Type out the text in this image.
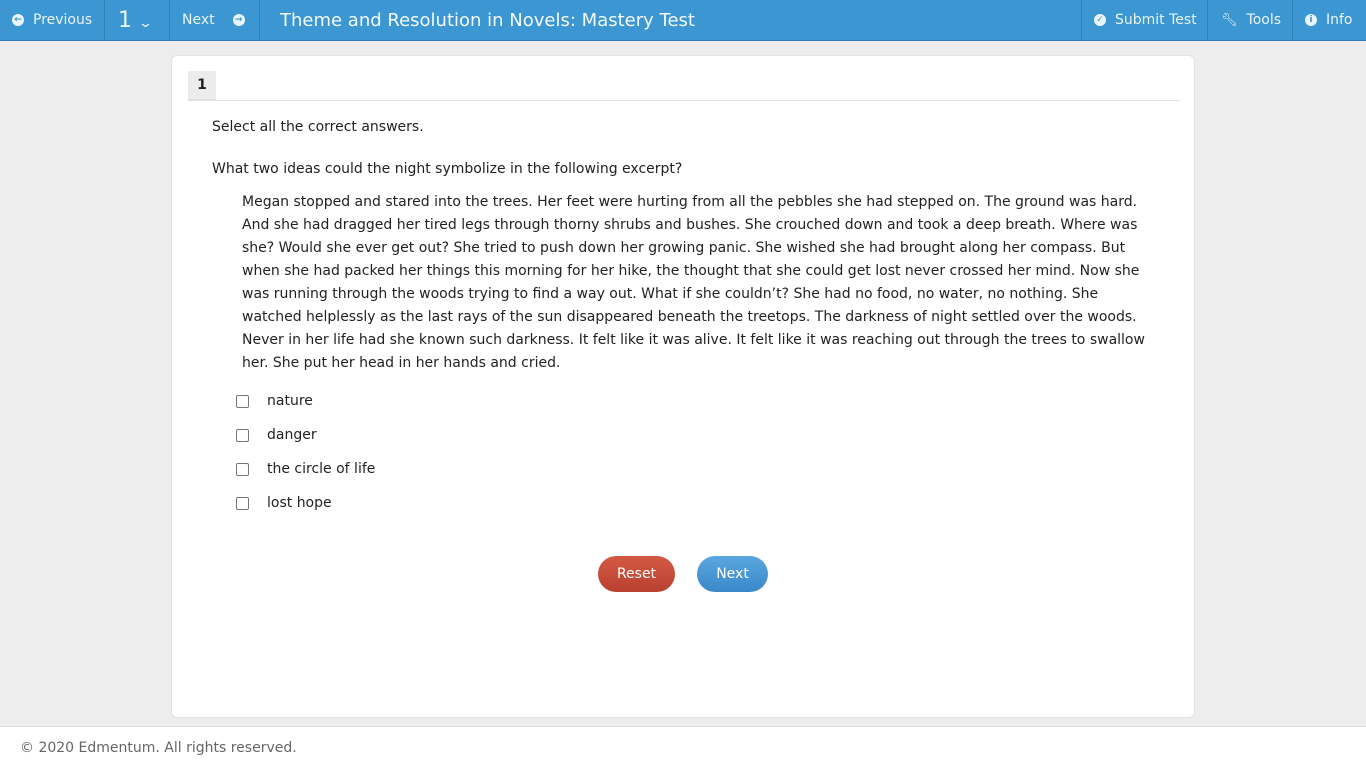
← Previous 1 ⌄ Next → Theme and Resolution in Novels: Mastery Test	✓ Submit Test 🔧︎ Tools	i Info
1
Select all the correct answers.
What two ideas could the night symbolize in the following excerpt?
Megan stopped and stared into the trees. Her feet were hurting from all the pebbles she had stepped on. The ground was hard. And she had dragged her tired legs through thorny shrubs and bushes. She crouched down and took a deep breath. Where was she? Would she ever get out? She tried to push down her growing panic. She wished she had brought along her compass. But when she had packed her things this morning for her hike, the thought that she could get lost never crossed her mind. Now she was running through the woods trying to find a way out. What if she couldn’t? She had no food, no water, no nothing. She watched helplessly as the last rays of the sun disappeared beneath the treetops. The darkness of night settled over the woods. Never in her life had she known such darkness. It felt like it was alive. It felt like it was reaching out through the trees to swallow her. She put her head in her hands and cried.
nature
danger
the circle of life
lost hope
Reset	Next
© 2020 Edmentum. All rights reserved.
